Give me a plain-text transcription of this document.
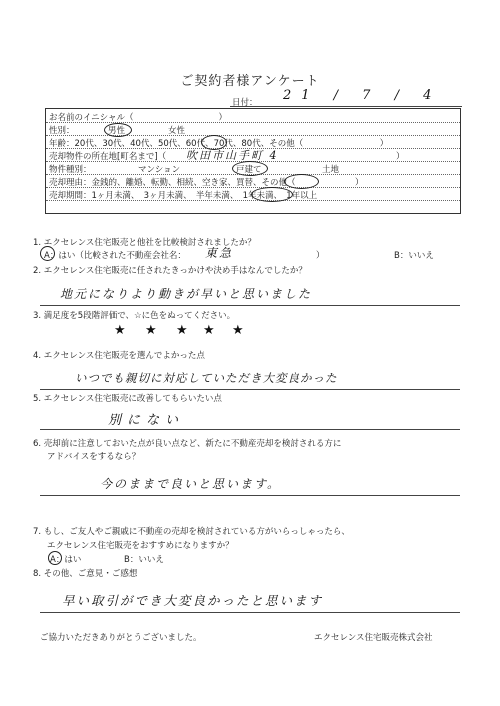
ご契約者様アンケート
日付： 21 / 7 / 4
お名前のイニシャル（　　　　　　　　　　）
性別：	男性	女性
年齢：20代、30代、40代、50代、60代、70代、80代、その他（　　　　　　　　　）
売却物件の所在地[町名まで]（ 吹田市山手町 4	）
物件種別：	マンション	戸建て	土地
売却理由：金銭的、離婚、転勤、相続、空き家、買替、その他（　　　　　　　）
売却期間：1ヶ月未満、　3ヶ月未満、　半年未満、　1年未満、　1年以上
1. エクセレンス住宅販売と他社を比較検討されましたか？
A：はい（比較された不動産会社名： 東急	）	B：いいえ
2. エクセレンス住宅販売に任されたきっかけや決め手はなんでしたか？
地元になりより動きが早いと思いました
3. 満足度を5段階評価で、☆に色をぬってください。
★ ★ ★ ★ ★
4. エクセレンス住宅販売を選んでよかった点
いつでも親切に対応していただき大変良かった
5. エクセレンス住宅販売に改善してもらいたい点
別にない
6. 売却前に注意しておいた点が良い点など、新たに不動産売却を検討される方に
アドバイスをするなら？
今のままで良いと思います。
7. もし、ご友人やご親戚に不動産の売却を検討されている方がいらっしゃったら、
エクセレンス住宅販売をおすすめになりますか？
A：はい	B：いいえ
8. その他、ご意見・ご感想
早い取引ができ大変良かったと思います
ご協力いただきありがとうございました。	エクセレンス住宅販売株式会社
